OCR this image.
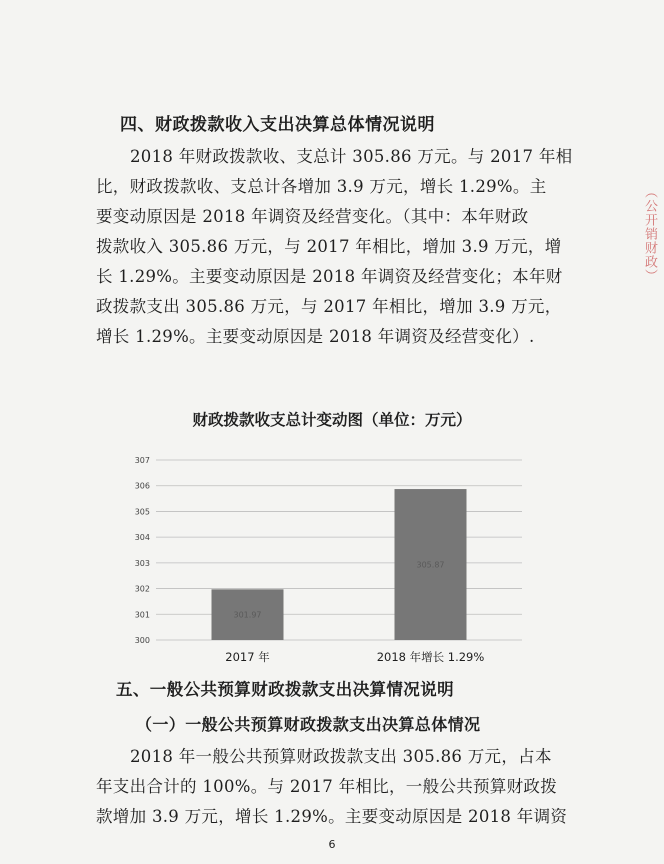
四、财政拨款收入支出决算总体情况说明
2018 年财政拨款收、支总计 305.86 万元。与 2017 年相
比，财政拨款收、支总计各增加 3.9 万元，增长 1.29%。主
要变动原因是 2018 年调资及经营变化。（其中：本年财政
拨款收入 305.86 万元，与 2017 年相比，增加 3.9 万元，增
长 1.29%。主要变动原因是 2018 年调资及经营变化；本年财
政拨款支出 305.86 万元，与 2017 年相比，增加 3.9 万元，
增长 1.29%。主要变动原因是 2018 年调资及经营变化）.
（公开销财政）
财政拨款收支总计变动图（单位：万元）
300
301
302
303
304
305
306
307
301.97
305.87
2017 年	2018 年增长 1.29%
五、一般公共预算财政拨款支出决算情况说明
（一）一般公共预算财政拨款支出决算总体情况
2018 年一般公共预算财政拨款支出 305.86 万元，占本
年支出合计的 100%。与 2017 年相比，一般公共预算财政拨
款增加 3.9 万元，增长 1.29%。主要变动原因是 2018 年调资
6
